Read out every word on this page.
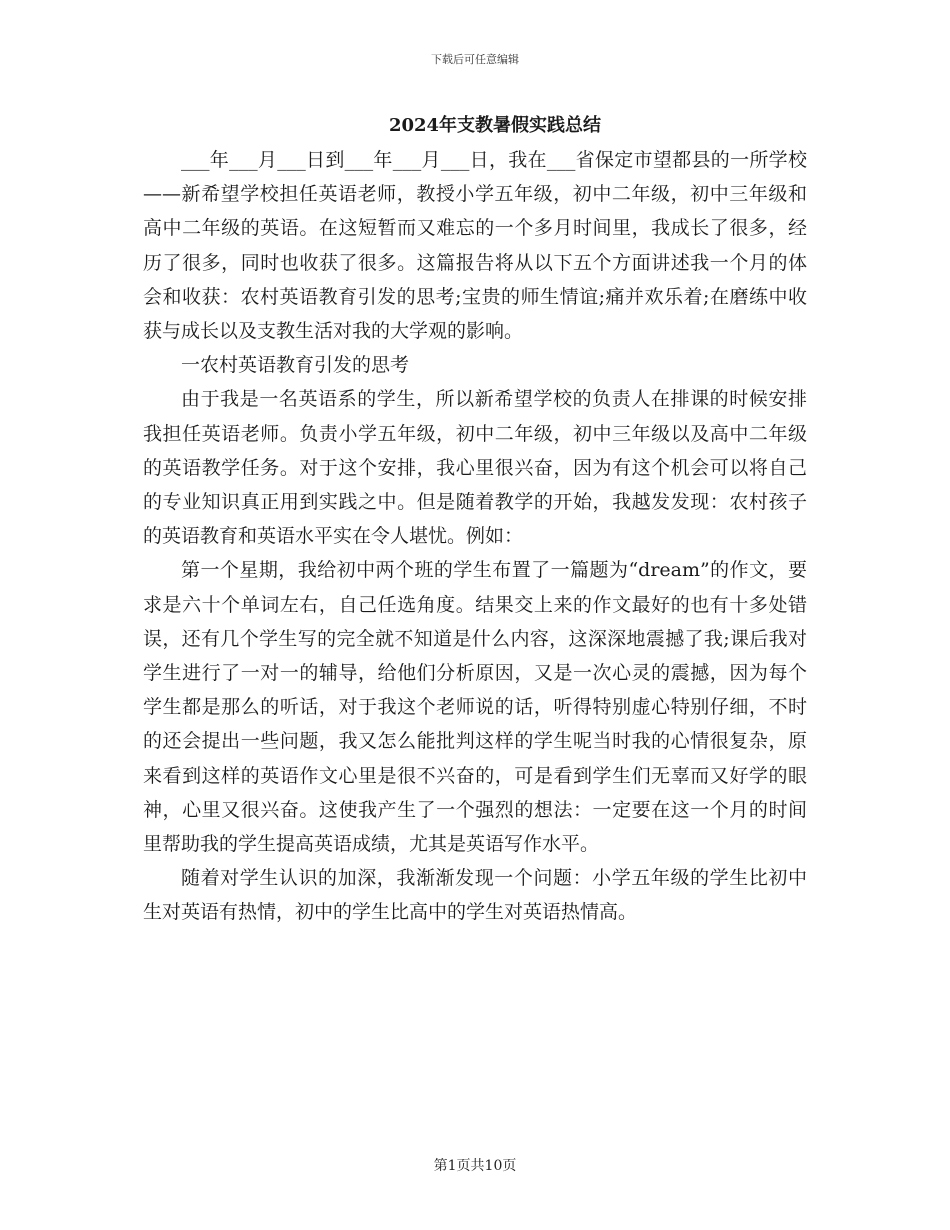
下载后可任意编辑
2024年支教暑假实践总结

___年___月___日到___年___月___日，我在___省保定市望都县的一所学校——新希望学校担任英语老师，教授小学五年级，初中二年级，初中三年级和高中二年级的英语。在这短暂而又难忘的一个多月时间里，我成长了很多，经历了很多，同时也收获了很多。这篇报告将从以下五个方面讲述我一个月的体会和收获：农村英语教育引发的思考;宝贵的师生情谊;痛并欢乐着;在磨练中收获与成长以及支教生活对我的大学观的影响。

一农村英语教育引发的思考

由于我是一名英语系的学生，所以新希望学校的负责人在排课的时候安排我担任英语老师。负责小学五年级，初中二年级，初中三年级以及高中二年级的英语教学任务。对于这个安排，我心里很兴奋，因为有这个机会可以将自己的专业知识真正用到实践之中。但是随着教学的开始，我越发发现：农村孩子的英语教育和英语水平实在令人堪忧。例如：

第一个星期，我给初中两个班的学生布置了一篇题为“dream”的作文，要求是六十个单词左右，自己任选角度。结果交上来的作文最好的也有十多处错误，还有几个学生写的完全就不知道是什么内容，这深深地震撼了我;课后我对学生进行了一对一的辅导，给他们分析原因，又是一次心灵的震撼，因为每个学生都是那么的听话，对于我这个老师说的话，听得特别虚心特别仔细，不时的还会提出一些问题，我又怎么能批判这样的学生呢当时我的心情很复杂，原来看到这样的英语作文心里是很不兴奋的，可是看到学生们无辜而又好学的眼神，心里又很兴奋。这使我产生了一个强烈的想法：一定要在这一个月的时间里帮助我的学生提高英语成绩，尤其是英语写作水平。

随着对学生认识的加深，我渐渐发现一个问题：小学五年级的学生比初中生对英语有热情，初中的学生比高中的学生对英语热情高。

第1页共10页
